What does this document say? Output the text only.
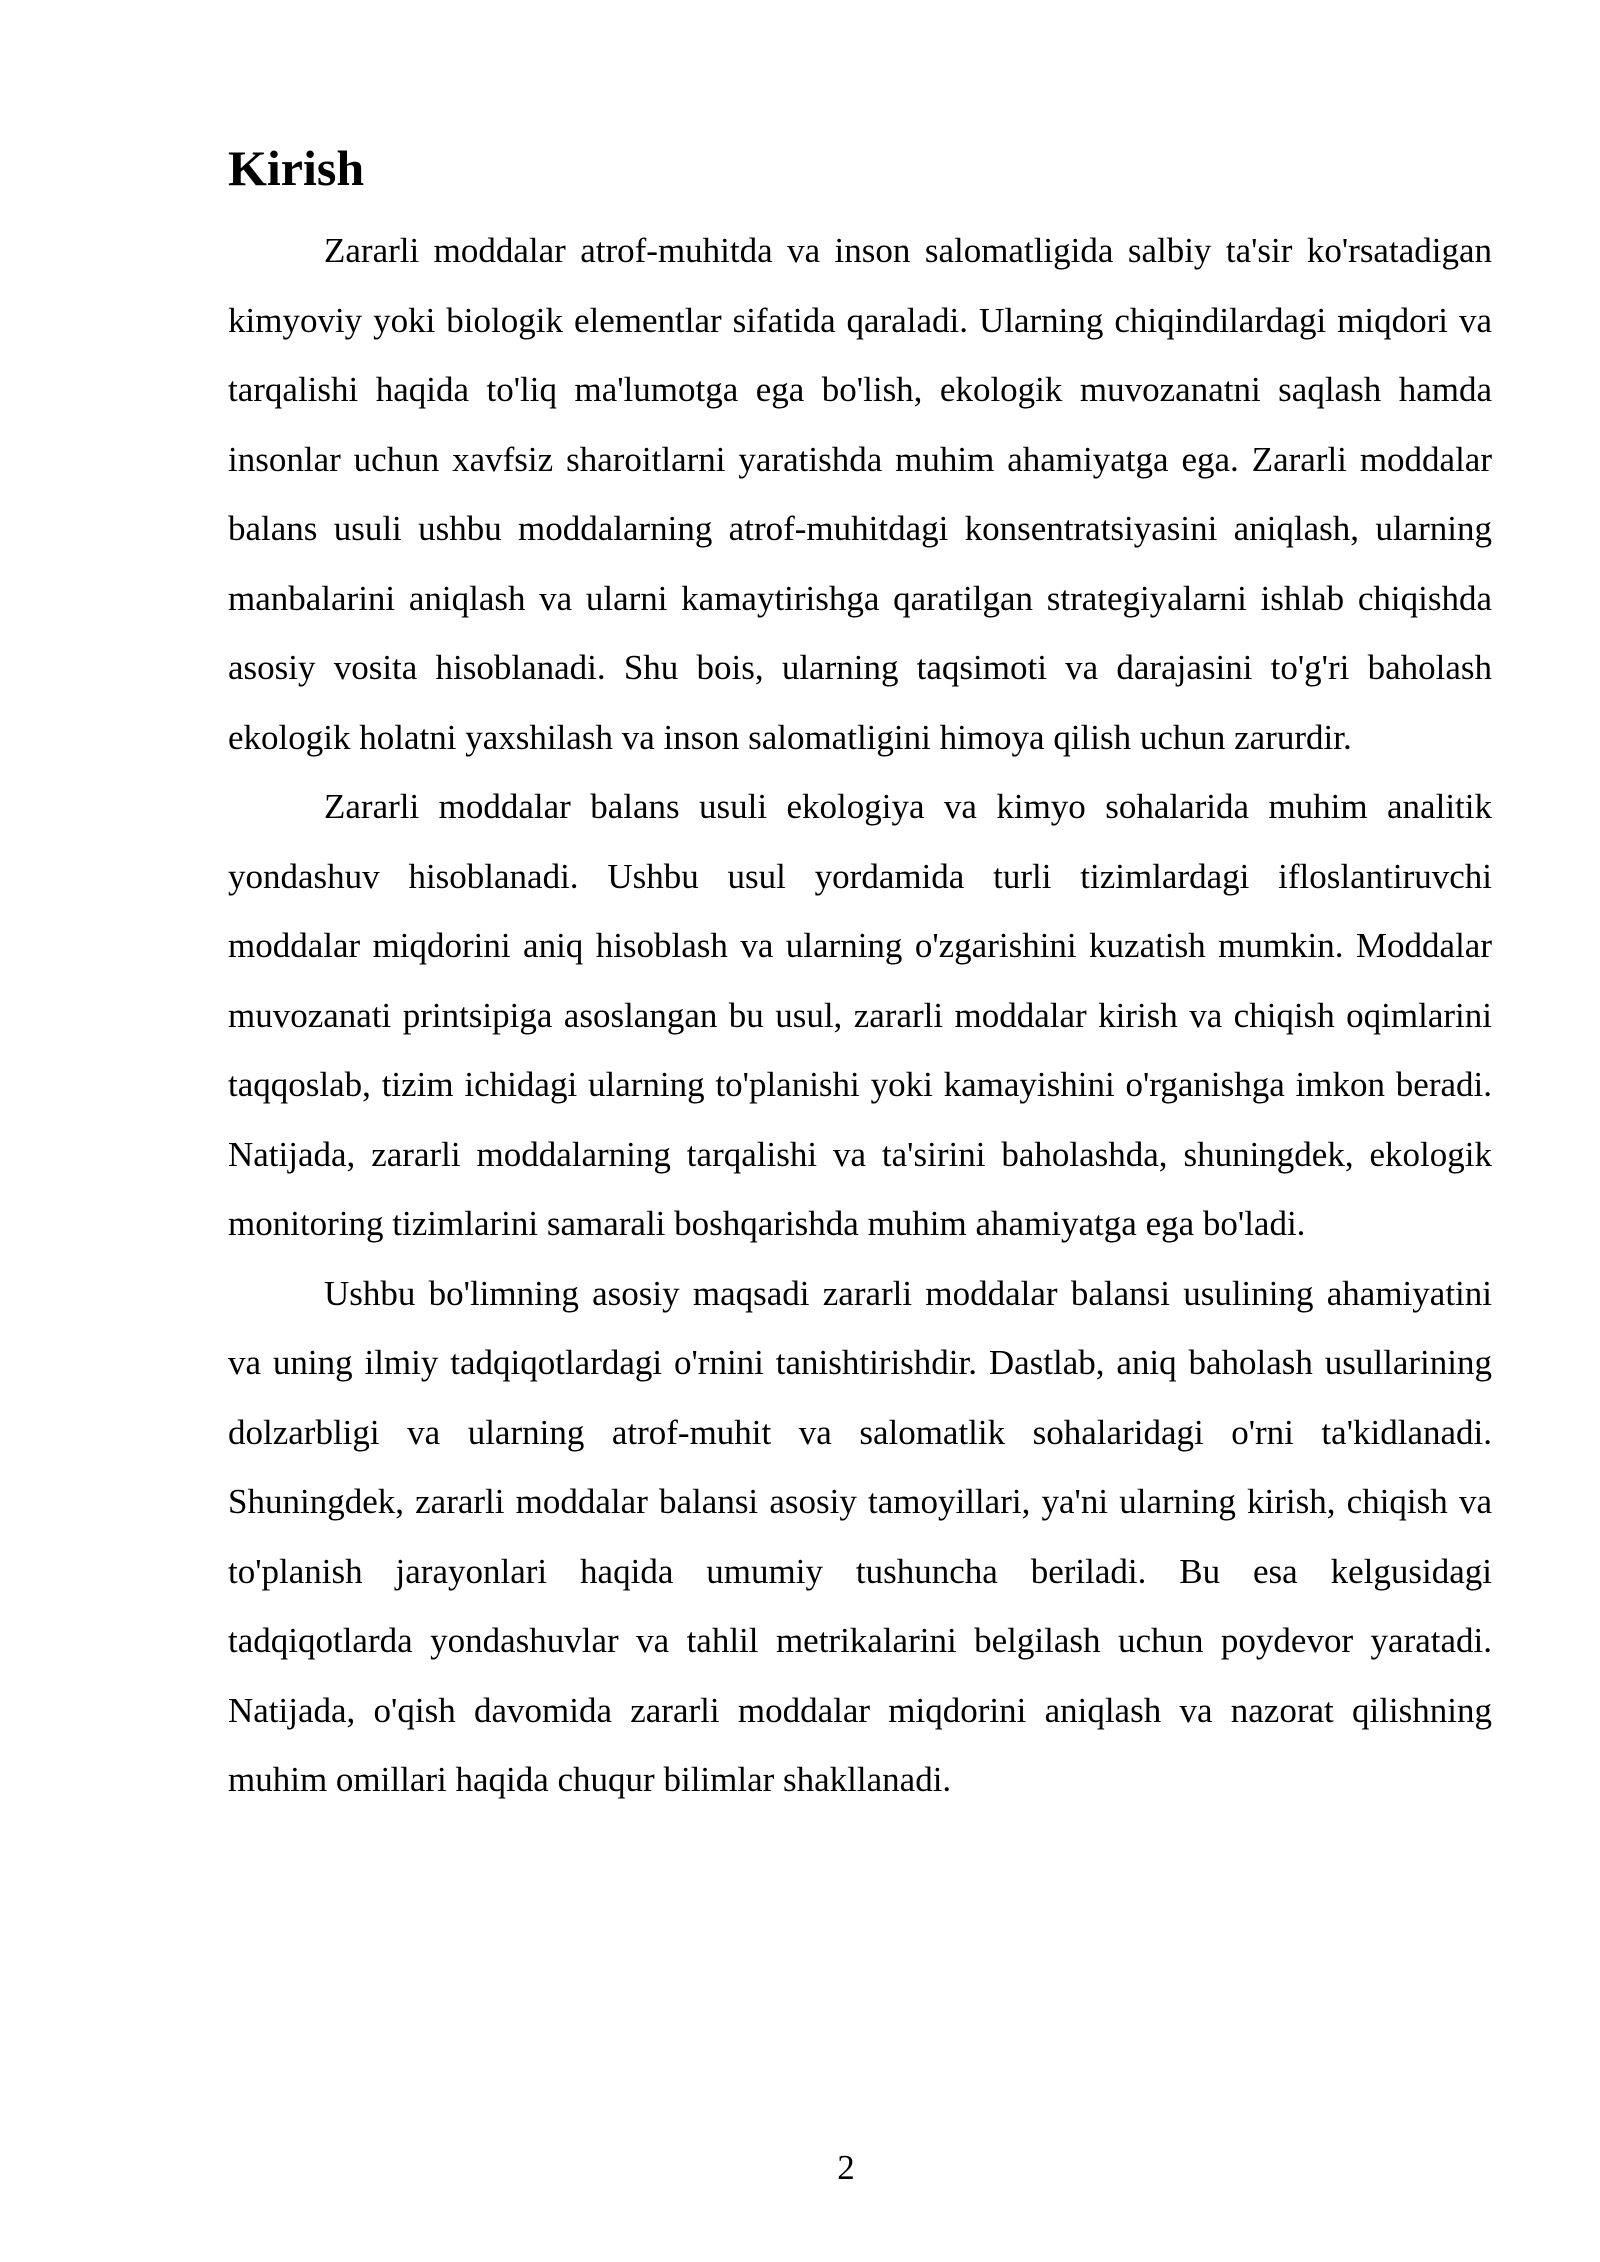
Kirish

Zararli moddalar atrof-muhitda va inson salomatligida salbiy ta'sir ko'rsatadigan kimyoviy yoki biologik elementlar sifatida qaraladi. Ularning chiqindilardagi miqdori va tarqalishi haqida to'liq ma'lumotga ega bo'lish, ekologik muvozanatni saqlash hamda insonlar uchun xavfsiz sharoitlarni yaratishda muhim ahamiyatga ega. Zararli moddalar balans usuli ushbu moddalarning atrof-muhitdagi konsentratsiyasini aniqlash, ularning manbalarini aniqlash va ularni kamaytirishga qaratilgan strategiyalarni ishlab chiqishda asosiy vosita hisoblanadi. Shu bois, ularning taqsimoti va darajasini to'g'ri baholash ekologik holatni yaxshilash va inson salomatligini himoya qilish uchun zarurdir.

Zararli moddalar balans usuli ekologiya va kimyo sohalarida muhim analitik yondashuv hisoblanadi. Ushbu usul yordamida turli tizimlardagi ifloslantiruvchi moddalar miqdorini aniq hisoblash va ularning o'zgarishini kuzatish mumkin. Moddalar muvozanati printsipiga asoslangan bu usul, zararli moddalar kirish va chiqish oqimlarini taqqoslab, tizim ichidagi ularning to'planishi yoki kamayishini o'rganishga imkon beradi. Natijada, zararli moddalarning tarqalishi va ta'sirini baholashda, shuningdek, ekologik monitoring tizimlarini samarali boshqarishda muhim ahamiyatga ega bo'ladi.

Ushbu bo'limning asosiy maqsadi zararli moddalar balansi usulining ahamiyatini va uning ilmiy tadqiqotlardagi o'rnini tanishtirishdir. Dastlab, aniq baholash usullarining dolzarbligi va ularning atrof-muhit va salomatlik sohalaridagi o'rni ta'kidlanadi. Shuningdek, zararli moddalar balansi asosiy tamoyillari, ya'ni ularning kirish, chiqish va to'planish jarayonlari haqida umumiy tushuncha beriladi. Bu esa kelgusidagi tadqiqotlarda yondashuvlar va tahlil metrikalarini belgilash uchun poydevor yaratadi. Natijada, o'qish davomida zararli moddalar miqdorini aniqlash va nazorat qilishning muhim omillari haqida chuqur bilimlar shakllanadi.

2
